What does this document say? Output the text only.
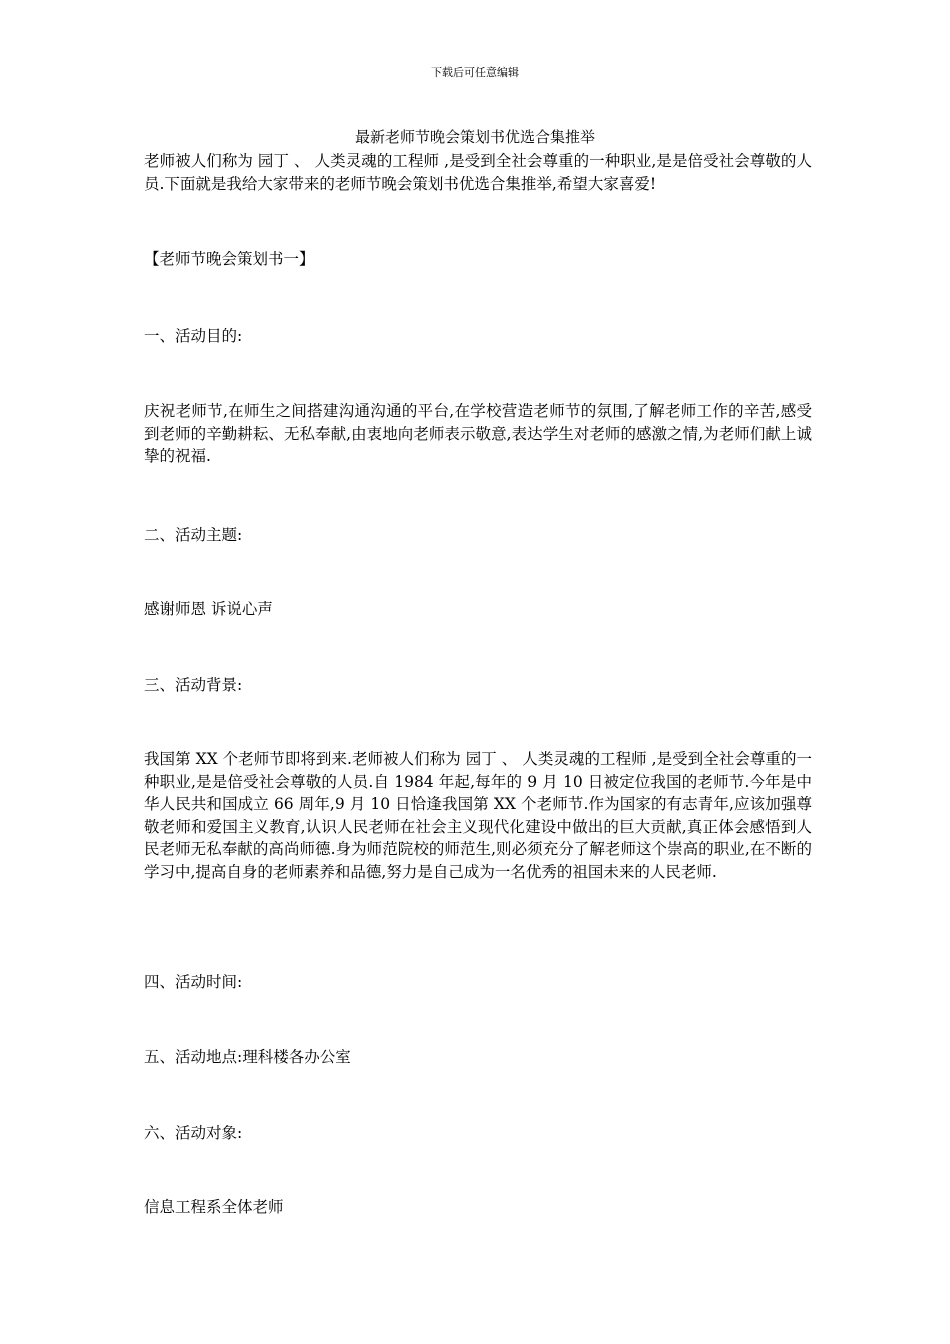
下载后可任意编辑
最新老师节晚会策划书优选合集推举
老师被人们称为 园丁 、 人类灵魂的工程师 ,是受到全社会尊重的一种职业,是是倍受社会尊敬的人员.下面就是我给大家带来的老师节晚会策划书优选合集推举,希望大家喜爱!
【老师节晚会策划书一】
一、活动目的:
庆祝老师节,在师生之间搭建沟通沟通的平台,在学校营造老师节的氛围,了解老师工作的辛苦,感受到老师的辛勤耕耘、无私奉献,由衷地向老师表示敬意,表达学生对老师的感激之情,为老师们献上诚挚的祝福.
二、活动主题:
感谢师恩 诉说心声
三、活动背景:
我国第 XX 个老师节即将到来.老师被人们称为 园丁 、 人类灵魂的工程师 ,是受到全社会尊重的一种职业,是是倍受社会尊敬的人员.自 1984 年起,每年的 9 月 10 日被定位我国的老师节.今年是中华人民共和国成立 66 周年,9 月 10 日恰逢我国第 XX 个老师节.作为国家的有志青年,应该加强尊敬老师和爱国主义教育,认识人民老师在社会主义现代化建设中做出的巨大贡献,真正体会感悟到人民老师无私奉献的高尚师德.身为师范院校的师范生,则必须充分了解老师这个崇高的职业,在不断的学习中,提高自身的老师素养和品德,努力是自己成为一名优秀的祖国未来的人民老师.
四、活动时间:
五、活动地点:理科楼各办公室
六、活动对象:
信息工程系全体老师
